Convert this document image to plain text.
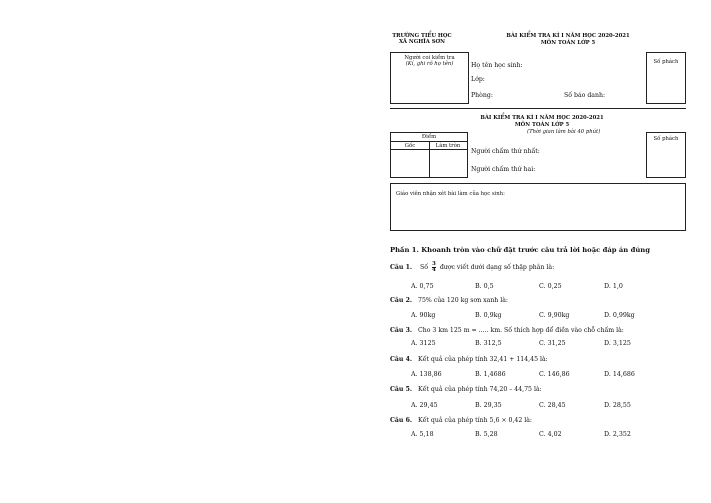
TRƯỜNG TIỂU HỌC
XÃ NGHĨA SƠN
BÀI KIỂM TRA KÌ I NĂM HỌC 2020-2021
MÔN TOÁN LỚP 5
Người coi kiểm tra
(Kí, ghi rõ họ tên)	Họ tên học sinh:
Lớp:
Phòng:	Số báo danh:
Số phách
BÀI KIỂM TRA KÌ I NĂM HỌC 2020-2021
MÔN TOÁN LỚP 5
(Thời gian làm bài 40 phút)
Điểm
Gốc	Làm tròn
Người chấm thứ nhất:
Người chấm thứ hai:
Số phách
Giáo viên nhận xét bài làm của học sinh:
Phần 1. Khoanh tròn vào chữ đặt trước câu trả lời hoặc đáp án đúng
Câu 1. Số $\frac{3}{4}$ được viết dưới dạng số thập phân là:
A. 0,75	B. 0,5	C. 0,25	D. 1,0
Câu 2. 75% của 120 kg sơn xanh là:
A. 90kg	B. 0,9kg	C. 9,90kg	D. 0,99kg
Câu 3. Cho 3 km 125 m = ..... km. Số thích hợp để điền vào chỗ chấm là:
A. 3125	B. 312,5	C. 31,25	D. 3,125
Câu 4. Kết quả của phép tính 32,41 + 114,45 là:
A. 138,86	B. 1,4686	C. 146,86	D. 14,686
Câu 5. Kết quả của phép tính 74,20 – 44,75 là:
A. 29,45	B. 29,35	C. 28,45	D. 28,55
Câu 6. Kết quả của phép tính 5,6 × 0,42 là:
A. 5,18	B. 5,28	C. 4,02	D. 2,352
